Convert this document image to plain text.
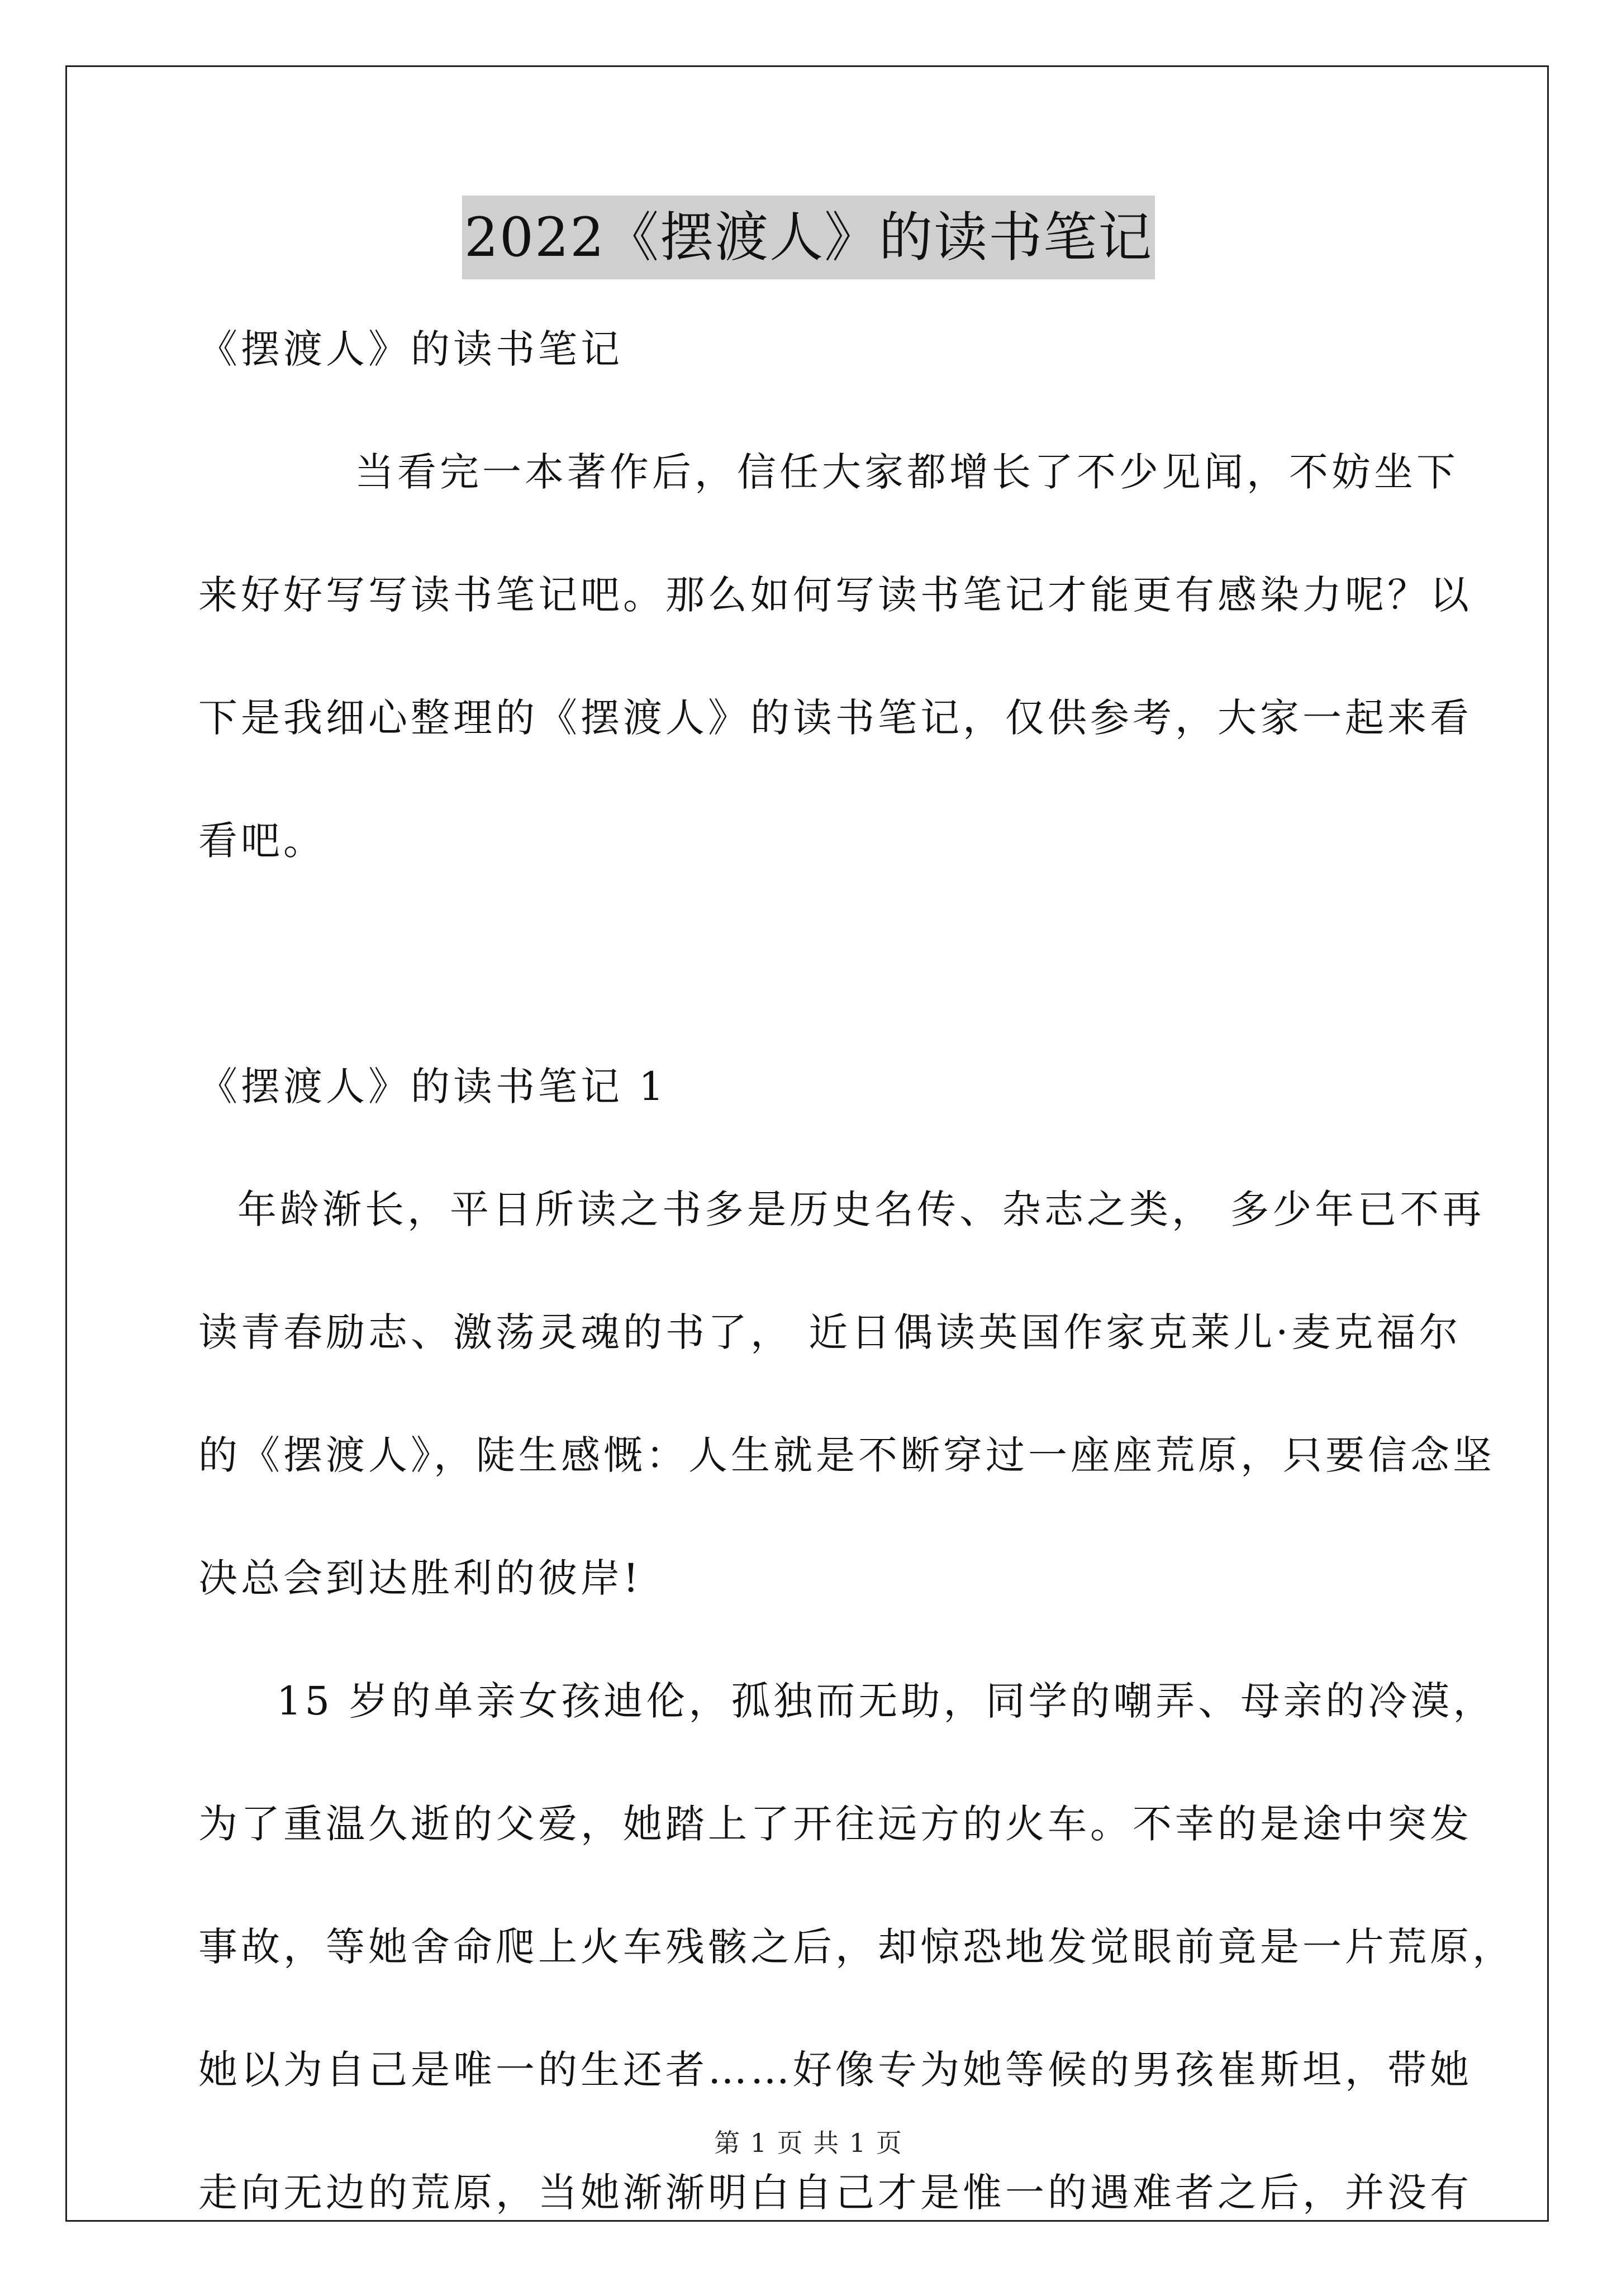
2022《摆渡人》的读书笔记
《摆渡人》的读书笔记
当看完一本著作后，信任大家都增长了不少见闻，不妨坐下
来好好写写读书笔记吧。那么如何写读书笔记才能更有感染力呢？以
下是我细心整理的《摆渡人》的读书笔记，仅供参考，大家一起来看
看吧。
《摆渡人》的读书笔记 1
年龄渐长，平日所读之书多是历史名传、杂志之类， 多少年已不再
读青春励志、激荡灵魂的书了， 近日偶读英国作家克莱儿·麦克福尔
的《摆渡人》，陡生感慨：人生就是不断穿过一座座荒原，只要信念坚
决总会到达胜利的彼岸!
15 岁的单亲女孩迪伦，孤独而无助，同学的嘲弄、母亲的冷漠，
为了重温久逝的父爱，她踏上了开往远方的火车。不幸的是途中突发
事故，等她舍命爬上火车残骸之后，却惊恐地发觉眼前竟是一片荒原，
她以为自己是唯一的生还者……好像专为她等候的男孩崔斯坦，带她
走向无边的荒原，当她渐渐明白自己才是惟一的遇难者之后，并没有
第 1 页 共 1 页
